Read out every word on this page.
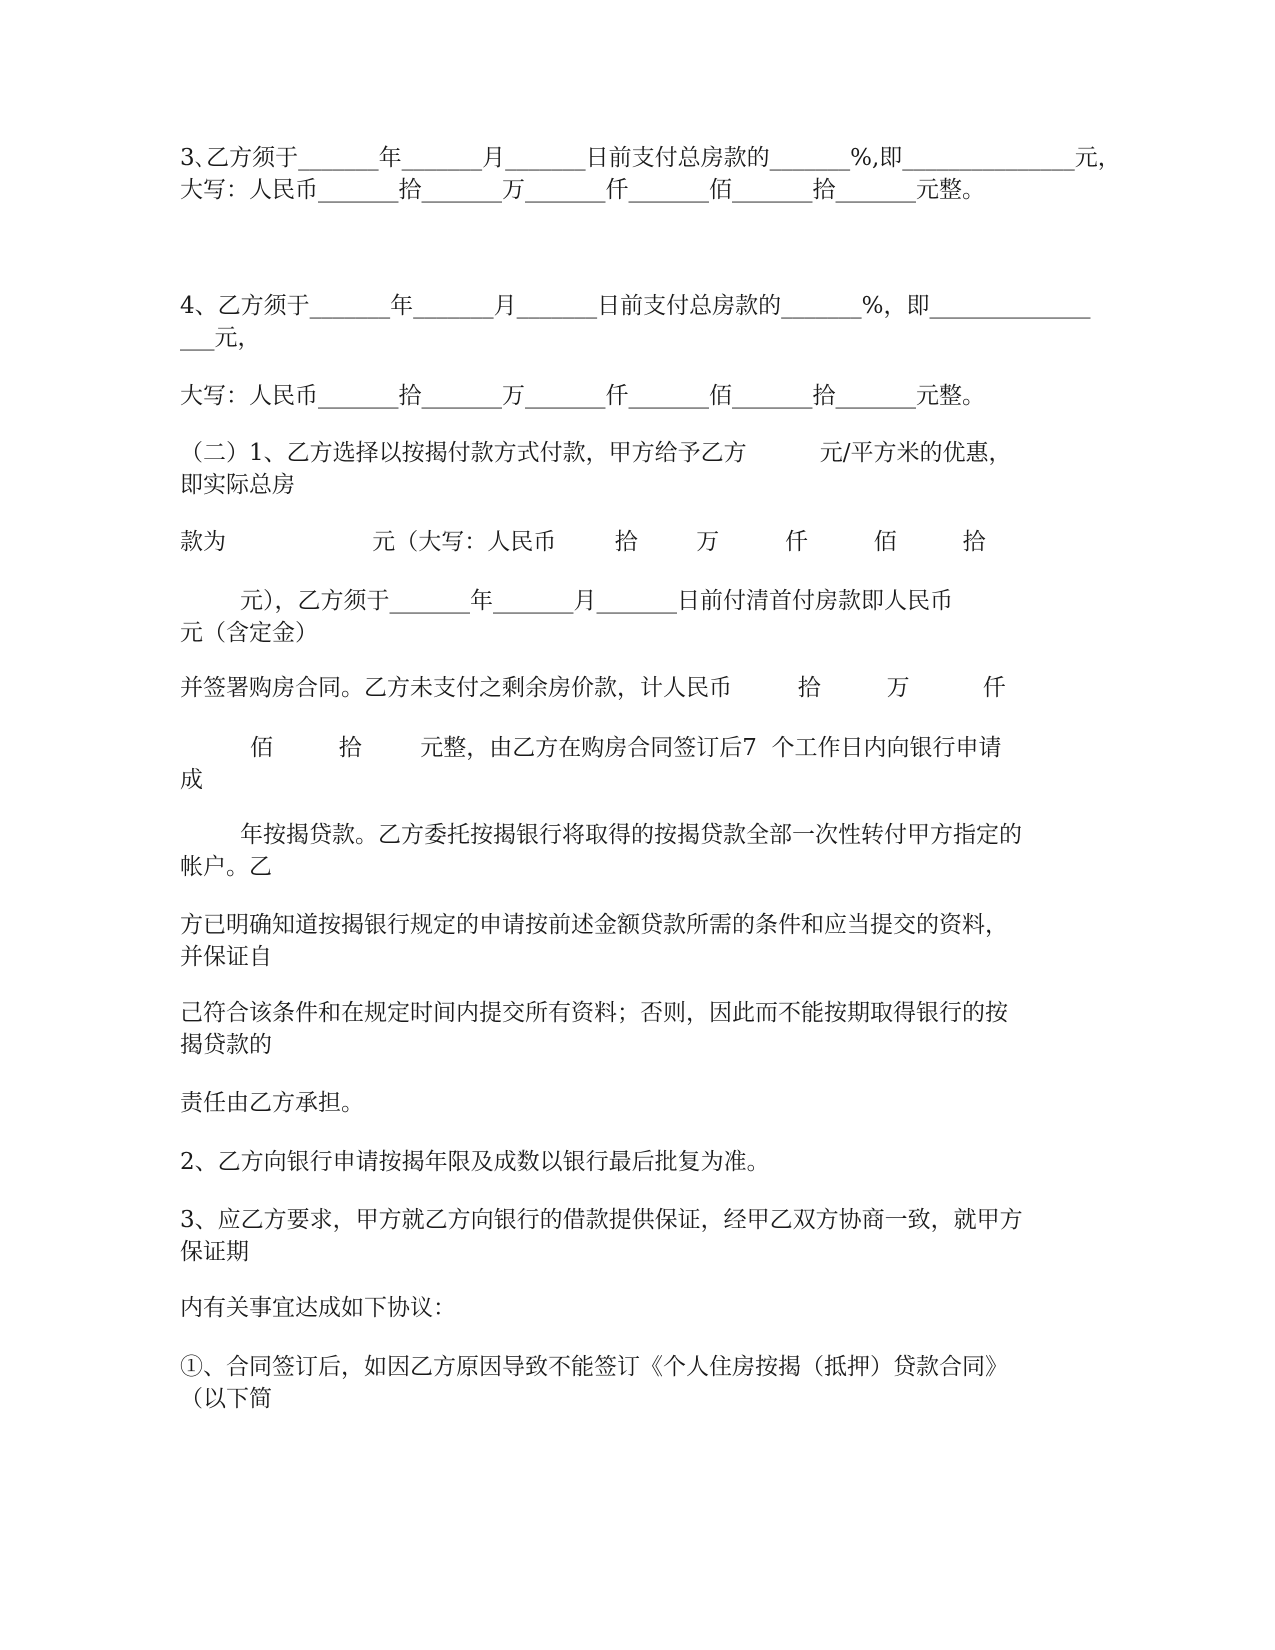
3､乙方须于_______年_______月_______日前支付总房款的_______%,即_______________元，

大写：人民币_______拾_______万_______仟_______佰_______拾_______元整。

4、乙方须于_______年_______月_______日前支付总房款的_______%，即______________

___元，

大写：人民币_______拾_______万_______仟_______佰_______拾_______元整。

（二）1、乙方选择以按揭付款方式付款，甲方给予乙方          元/平方米的优惠，

即实际总房

款为                    元（大写：人民币        拾        万         仟         佰         拾

元），乙方须于_______年_______月_______日前付清首付房款即人民币

元（含定金）

并签署购房合同。乙方未支付之剩余房价款，计人民币         拾         万          仟

佰         拾        元整，由乙方在购房合同签订后7  个工作日内向银行申请

成

年按揭贷款。乙方委托按揭银行将取得的按揭贷款全部一次性转付甲方指定的

帐户。乙

方已明确知道按揭银行规定的申请按前述金额贷款所需的条件和应当提交的资料，

并保证自

己符合该条件和在规定时间内提交所有资料；否则，因此而不能按期取得银行的按

揭贷款的

责任由乙方承担。

2、乙方向银行申请按揭年限及成数以银行最后批复为准。

3、应乙方要求，甲方就乙方向银行的借款提供保证，经甲乙双方协商一致，就甲方

保证期

内有关事宜达成如下协议：

①、合同签订后，如因乙方原因导致不能签订《个人住房按揭（抵押）贷款合同》

（以下简
